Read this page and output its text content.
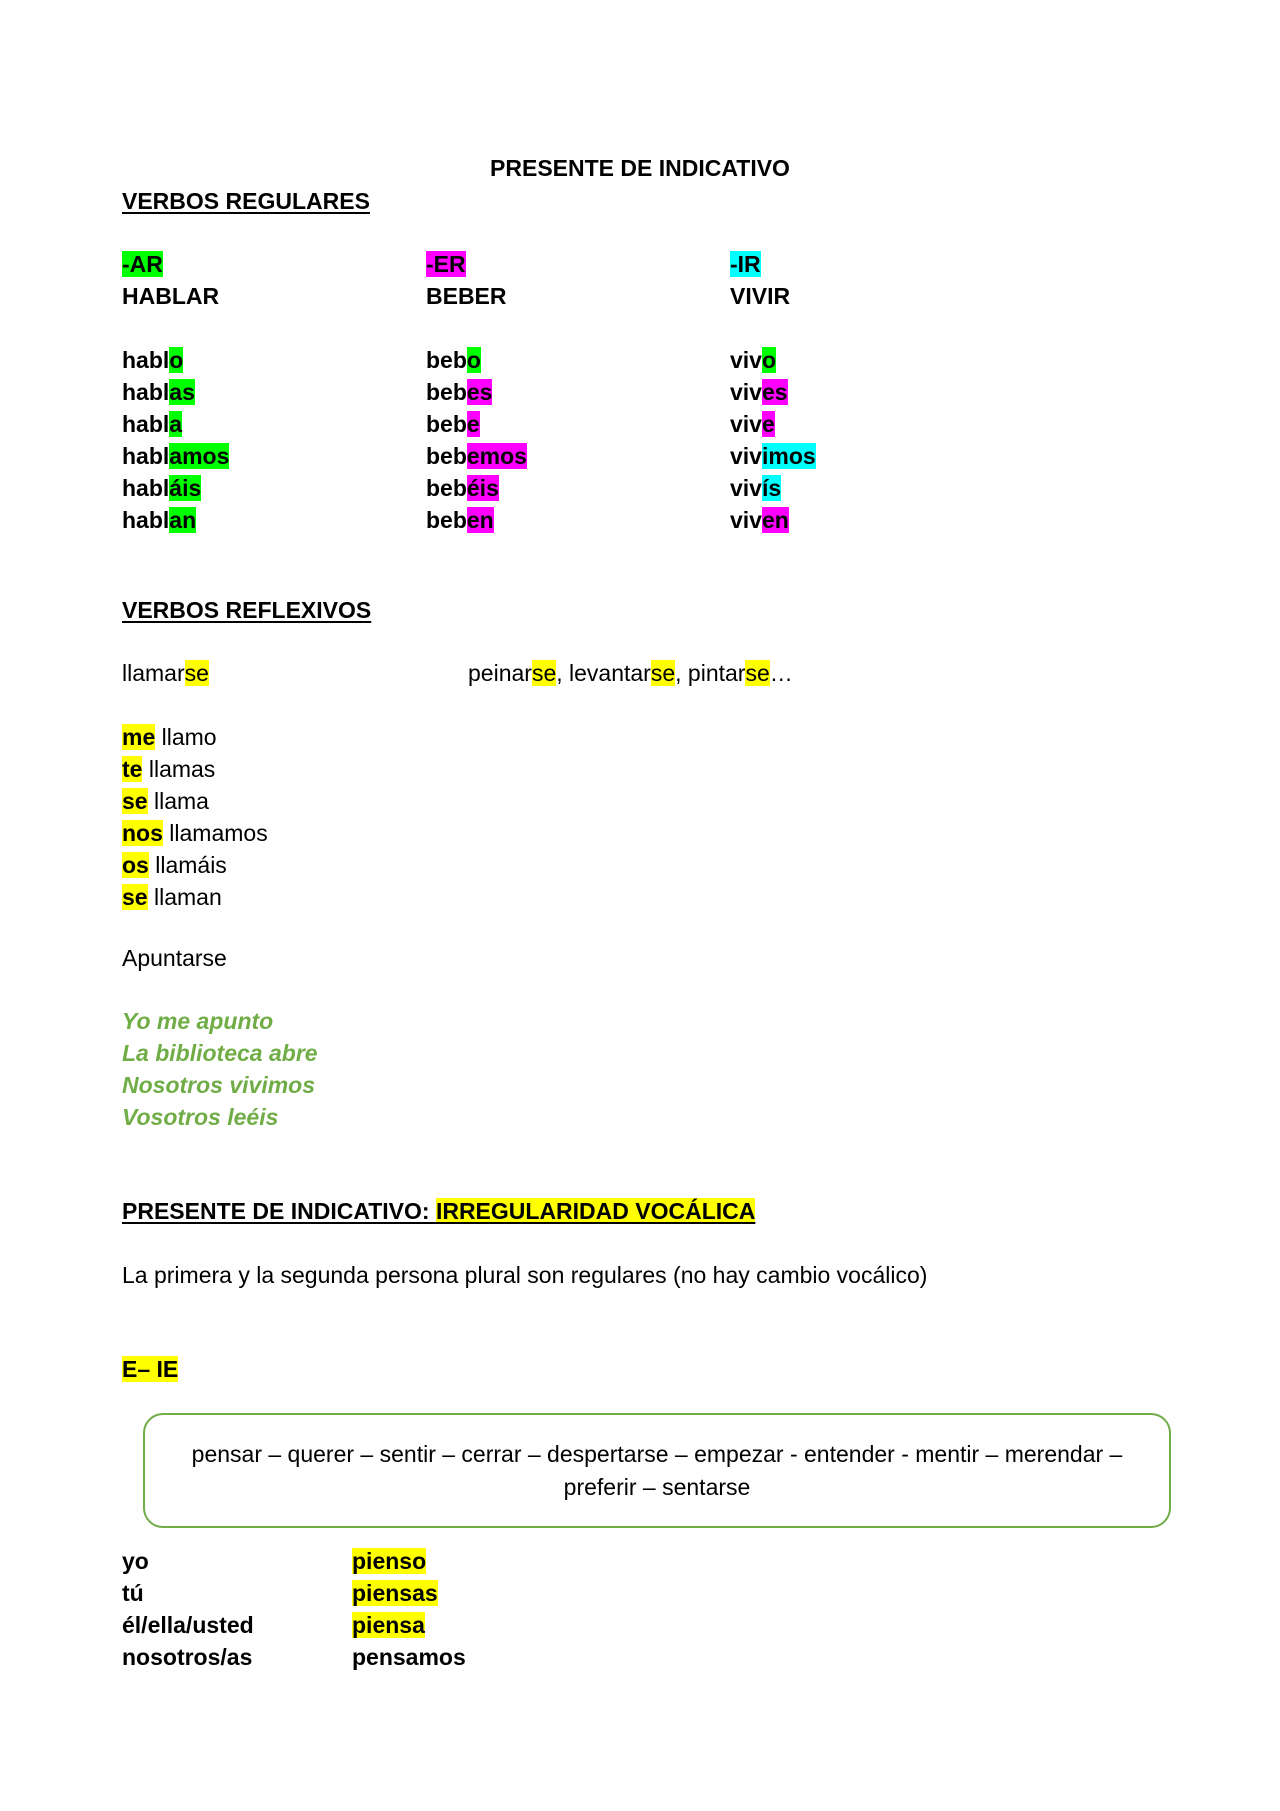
PRESENTE DE INDICATIVO
VERBOS REGULARES
-AR
HABLAR
hablo
hablas
habla
hablamos
habláis
hablan
-ER
BEBER
bebo
bebes
bebe
bebemos
bebéis
beben
-IR
VIVIR
vivo
vives
vive
vivimos
vivís
viven
VERBOS REFLEXIVOS
llamarse	peinarse, levantarse, pintarse…
me llamo
te llamas
se llama
nos llamamos
os llamáis
se llaman
Apuntarse
Yo me apunto
La biblioteca abre
Nosotros vivimos
Vosotros leéis
PRESENTE DE INDICATIVO: IRREGULARIDAD VOCÁLICA
La primera y la segunda persona plural son regulares (no hay cambio vocálico)
E– IE
pensar – querer – sentir – cerrar – despertarse – empezar - entender - mentir – merendar – preferir – sentarse
yo
tú
él/ella/usted
nosotros/as
pienso
piensas
piensa
pensamos
